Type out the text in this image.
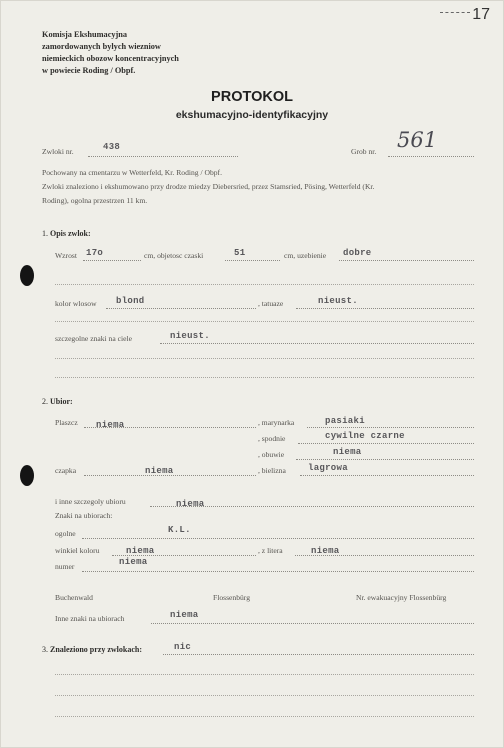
17
Komisja Ekshumacyjna
zamordowanych bylych wiezniow
niemieckich obozow koncentracyjnych
w powiecie Roding / Obpf.
PROTOKOL
ekshumacyjno-identyfikacyjny
Zwloki nr.	438	Grob nr. 561
Pochowany na cmentarzu w Wetterfeld, Kr. Roding / Obpf.
Zwloki znaleziono i ekshumowano przy drodze miedzy Diebersried, przez Stamsried, Pösing, Wetterfeld (Kr.
Roding), ogolna przestrzen 11 km.
1. Opis zwlok:
Wzrost 17o	cm, objetosc czaski	51	cm, uzebienie dobre
kolor wlosow blond	, tatuaze	nieust.
szczegolne znaki na ciele	nieust.
2. Ubior:
Plaszcz niema	, marynarka	pasiaki
, spodnie	cywilne czarne
, obuwie	niema
czapka	niema	, bielizna lagrowa
i inne szczegoly ubioru	niema
Znaki na ubiorach:
ogolne	K.L.
winkiel koloru	niema	, z litera	niema
numer	niema
Buchenwald	Flossenbürg	Nr. ewakuacyjny Flossenbürg
Inne znaki na ubiorach	niema
3. Znaleziono przy zwlokach:	nic
